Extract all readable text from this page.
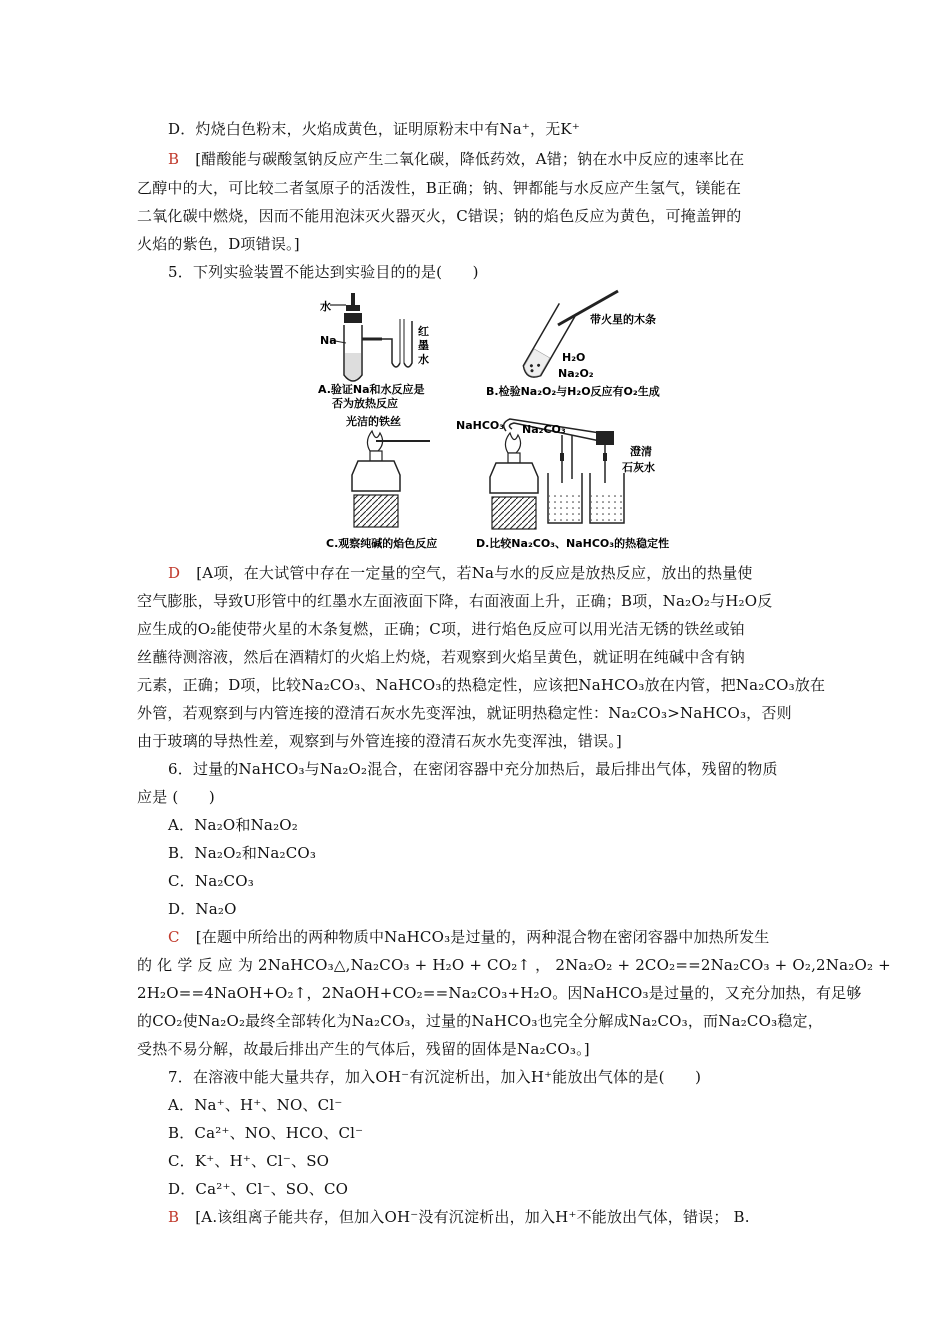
D．灼烧白色粉末，火焰成黄色，证明原粉末中有Na⁺，无K⁺
B [醋酸能与碳酸氢钠反应产生二氧化碳，降低药效，A错；钠在水中反应的速率比在
乙醇中的大，可比较二者氢原子的活泼性，B正确；钠、钾都能与水反应产生氢气，镁能在
二氧化碳中燃烧，因而不能用泡沫灭火器灭火，C错误；钠的焰色反应为黄色，可掩盖钾的
火焰的紫色，D项错误。]
5．下列实验装置不能达到实验目的的是(　　)
水
Na
红
墨
水
A.验证Na和水反应是
否为放热反应
带火星的木条
H₂O
Na₂O₂
B.检验Na₂O₂与H₂O反应有O₂生成
光洁的铁丝
C.观察纯碱的焰色反应
NaHCO₃ Na₂CO₃
澄清
石灰水
D.比较Na₂CO₃、NaHCO₃的热稳定性
D [A项，在大试管中存在一定量的空气，若Na与水的反应是放热反应，放出的热量使
空气膨胀，导致U形管中的红墨水左面液面下降，右面液面上升，正确；B项，Na₂O₂与H₂O反
应生成的O₂能使带火星的木条复燃，正确；C项，进行焰色反应可以用光洁无锈的铁丝或铂
丝蘸待测溶液，然后在酒精灯的火焰上灼烧，若观察到火焰呈黄色，就证明在纯碱中含有钠
元素，正确；D项，比较Na₂CO₃、NaHCO₃的热稳定性，应该把NaHCO₃放在内管，把Na₂CO₃放在
外管，若观察到与内管连接的澄清石灰水先变浑浊，就证明热稳定性：Na₂CO₃>NaHCO₃，否则
由于玻璃的导热性差，观察到与外管连接的澄清石灰水先变浑浊，错误。]
6．过量的NaHCO₃与Na₂O₂混合，在密闭容器中充分加热后，最后排出气体，残留的物质
应是 (　　)
A．Na₂O和Na₂O₂
B．Na₂O₂和Na₂CO₃
C．Na₂CO₃
D．Na₂O
C [在题中所给出的两种物质中NaHCO₃是过量的，两种混合物在密闭容器中加热所发生
的 化 学 反 应 为 2NaHCO₃△,Na₂CO₃ + H₂O + CO₂↑ ， 2Na₂O₂ + 2CO₂==2Na₂CO₃ + O₂,2Na₂O₂ +
2H₂O==4NaOH+O₂↑，2NaOH+CO₂==Na₂CO₃+H₂O。因NaHCO₃是过量的，又充分加热，有足够
的CO₂使Na₂O₂最终全部转化为Na₂CO₃，过量的NaHCO₃也完全分解成Na₂CO₃，而Na₂CO₃稳定，
受热不易分解，故最后排出产生的气体后，残留的固体是Na₂CO₃。]
7．在溶液中能大量共存，加入OH⁻有沉淀析出，加入H⁺能放出气体的是(　　)
A．Na⁺、H⁺、NO、Cl⁻
B．Ca²⁺、NO、HCO、Cl⁻
C．K⁺、H⁺、Cl⁻、SO
D．Ca²⁺、Cl⁻、SO、CO
B [A.该组离子能共存，但加入OH⁻没有沉淀析出，加入H⁺不能放出气体，错误； B.
